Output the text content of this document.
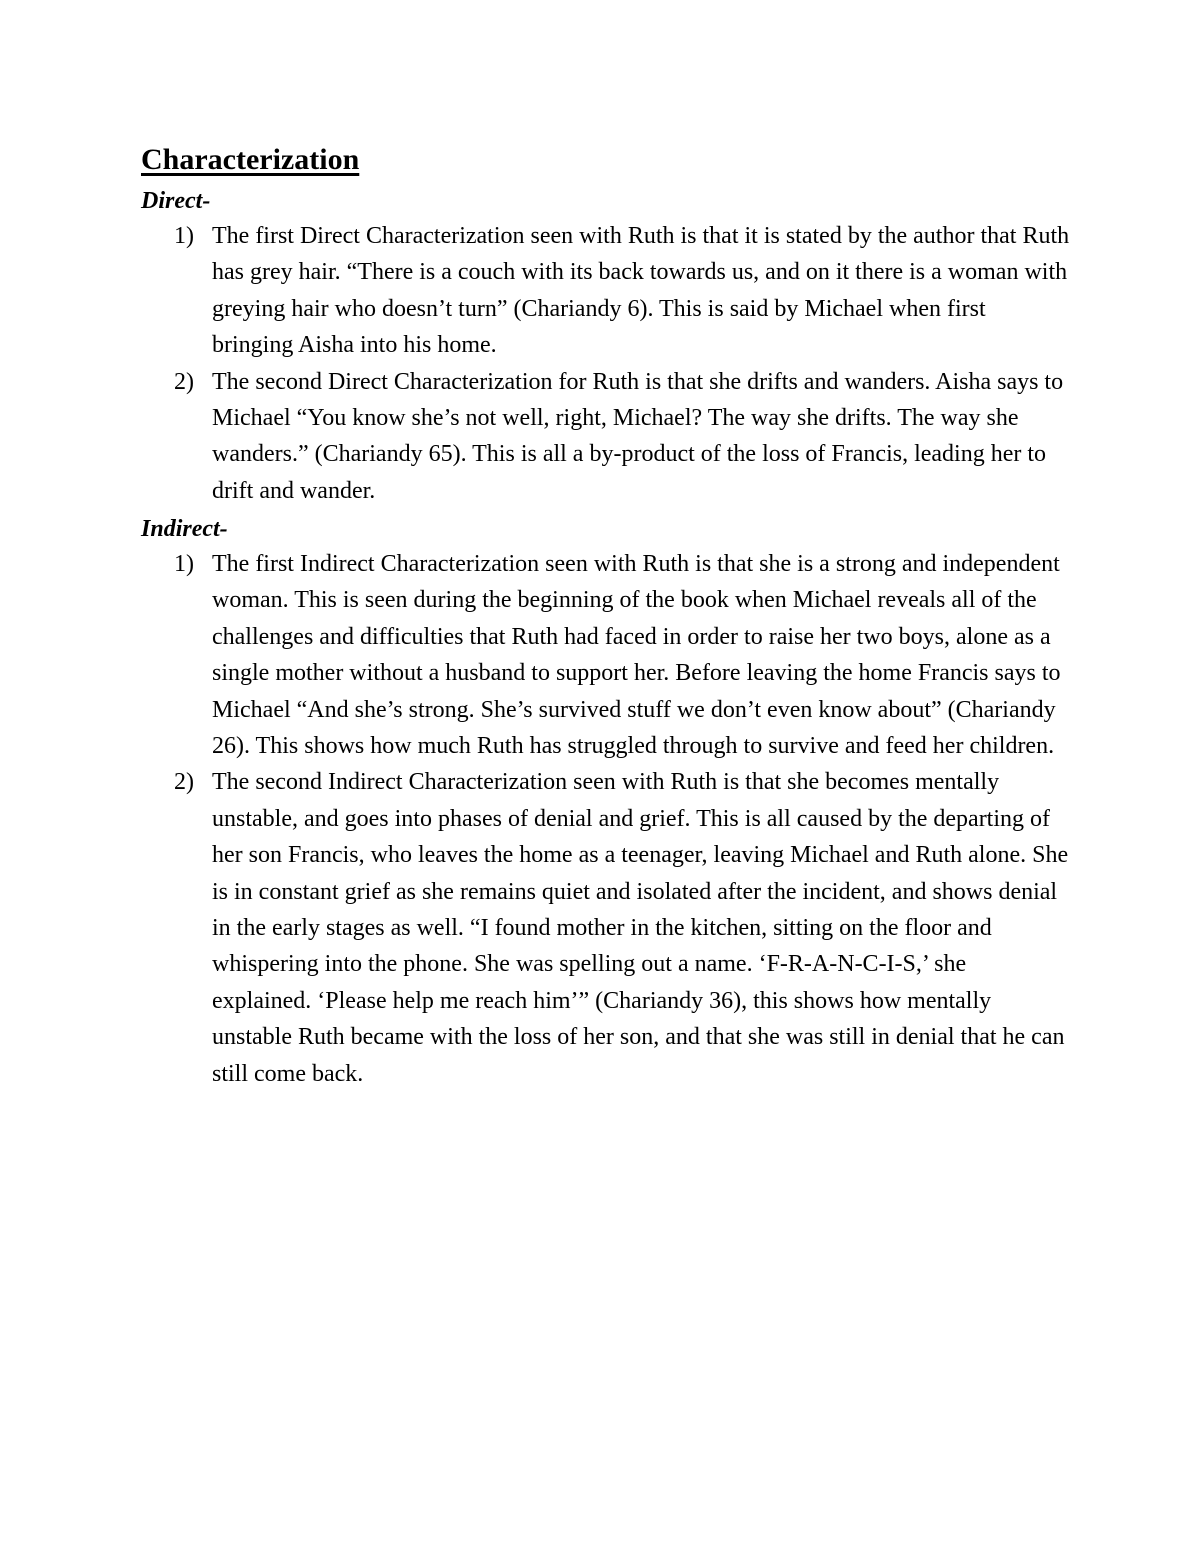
Characterization
Direct-
1) The first Direct Characterization seen with Ruth is that it is stated by the author that Ruth has grey hair. “There is a couch with its back towards us, and on it there is a woman with greying hair who doesn’t turn” (Chariandy 6). This is said by Michael when first bringing Aisha into his home.
2) The second Direct Characterization for Ruth is that she drifts and wanders. Aisha says to Michael “You know she’s not well, right, Michael? The way she drifts. The way she wanders.” (Chariandy 65). This is all a by-product of the loss of Francis, leading her to drift and wander.
Indirect-
1) The first Indirect Characterization seen with Ruth is that she is a strong and independent woman. This is seen during the beginning of the book when Michael reveals all of the challenges and difficulties that Ruth had faced in order to raise her two boys, alone as a single mother without a husband to support her. Before leaving the home Francis says to Michael “And she’s strong. She’s survived stuff we don’t even know about” (Chariandy 26). This shows how much Ruth has struggled through to survive and feed her children.
2) The second Indirect Characterization seen with Ruth is that she becomes mentally unstable, and goes into phases of denial and grief. This is all caused by the departing of her son Francis, who leaves the home as a teenager, leaving Michael and Ruth alone. She is in constant grief as she remains quiet and isolated after the incident, and shows denial in the early stages as well. “I found mother in the kitchen, sitting on the floor and whispering into the phone. She was spelling out a name. ‘F-R-A-N-C-I-S,’ she explained. ‘Please help me reach him’” (Chariandy 36), this shows how mentally unstable Ruth became with the loss of her son, and that she was still in denial that he can still come back.
